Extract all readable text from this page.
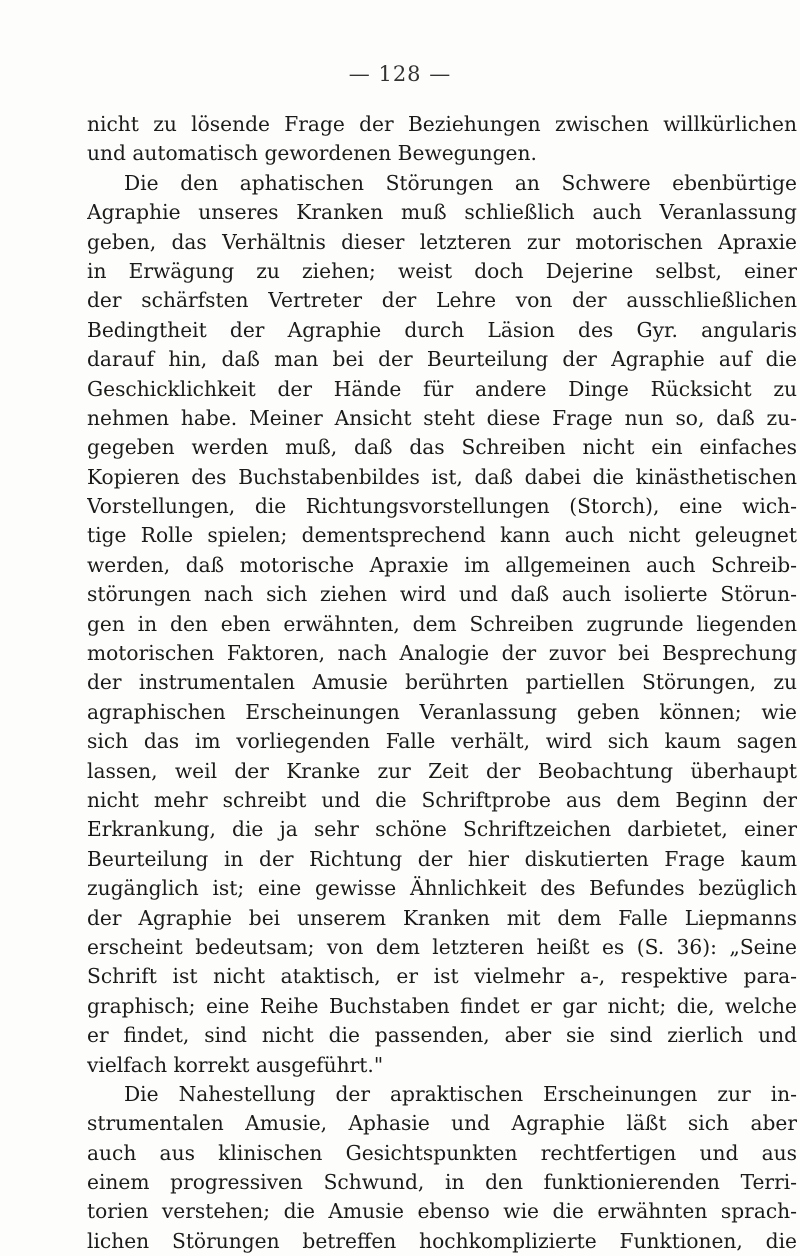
— 128 —
nicht zu lösende Frage der Beziehungen zwischen willkürlichen
und automatisch gewordenen Bewegungen.
Die den aphatischen Störungen an Schwere ebenbürtige
Agraphie unseres Kranken muß schließlich auch Veranlassung
geben, das Verhältnis dieser letzteren zur motorischen Apraxie
in Erwägung zu ziehen; weist doch Dejerine selbst, einer
der schärfsten Vertreter der Lehre von der ausschließlichen
Bedingtheit der Agraphie durch Läsion des Gyr. angularis
darauf hin, daß man bei der Beurteilung der Agraphie auf die
Geschicklichkeit der Hände für andere Dinge Rücksicht zu
nehmen habe. Meiner Ansicht steht diese Frage nun so, daß zu-
gegeben werden muß, daß das Schreiben nicht ein einfaches
Kopieren des Buchstabenbildes ist, daß dabei die kinästhetischen
Vorstellungen, die Richtungsvorstellungen (Storch), eine wich-
tige Rolle spielen; dementsprechend kann auch nicht geleugnet
werden, daß motorische Apraxie im allgemeinen auch Schreib-
störungen nach sich ziehen wird und daß auch isolierte Störun-
gen in den eben erwähnten, dem Schreiben zugrunde liegenden
motorischen Faktoren, nach Analogie der zuvor bei Besprechung
der instrumentalen Amusie berührten partiellen Störungen, zu
agraphischen Erscheinungen Veranlassung geben können; wie
sich das im vorliegenden Falle verhält, wird sich kaum sagen
lassen, weil der Kranke zur Zeit der Beobachtung überhaupt
nicht mehr schreibt und die Schriftprobe aus dem Beginn der
Erkrankung, die ja sehr schöne Schriftzeichen darbietet, einer
Beurteilung in der Richtung der hier diskutierten Frage kaum
zugänglich ist; eine gewisse Ähnlichkeit des Befundes bezüglich
der Agraphie bei unserem Kranken mit dem Falle Liepmanns
erscheint bedeutsam; von dem letzteren heißt es (S. 36): „Seine
Schrift ist nicht ataktisch, er ist vielmehr a-, respektive para-
graphisch; eine Reihe Buchstaben findet er gar nicht; die, welche
er findet, sind nicht die passenden, aber sie sind zierlich und
vielfach korrekt ausgeführt."
Die Nahestellung der apraktischen Erscheinungen zur in-
strumentalen Amusie, Aphasie und Agraphie läßt sich aber
auch aus klinischen Gesichtspunkten rechtfertigen und aus
einem progressiven Schwund, in den funktionierenden Terri-
torien verstehen; die Amusie ebenso wie die erwähnten sprach-
lichen Störungen betreffen hochkomplizierte Funktionen, die
